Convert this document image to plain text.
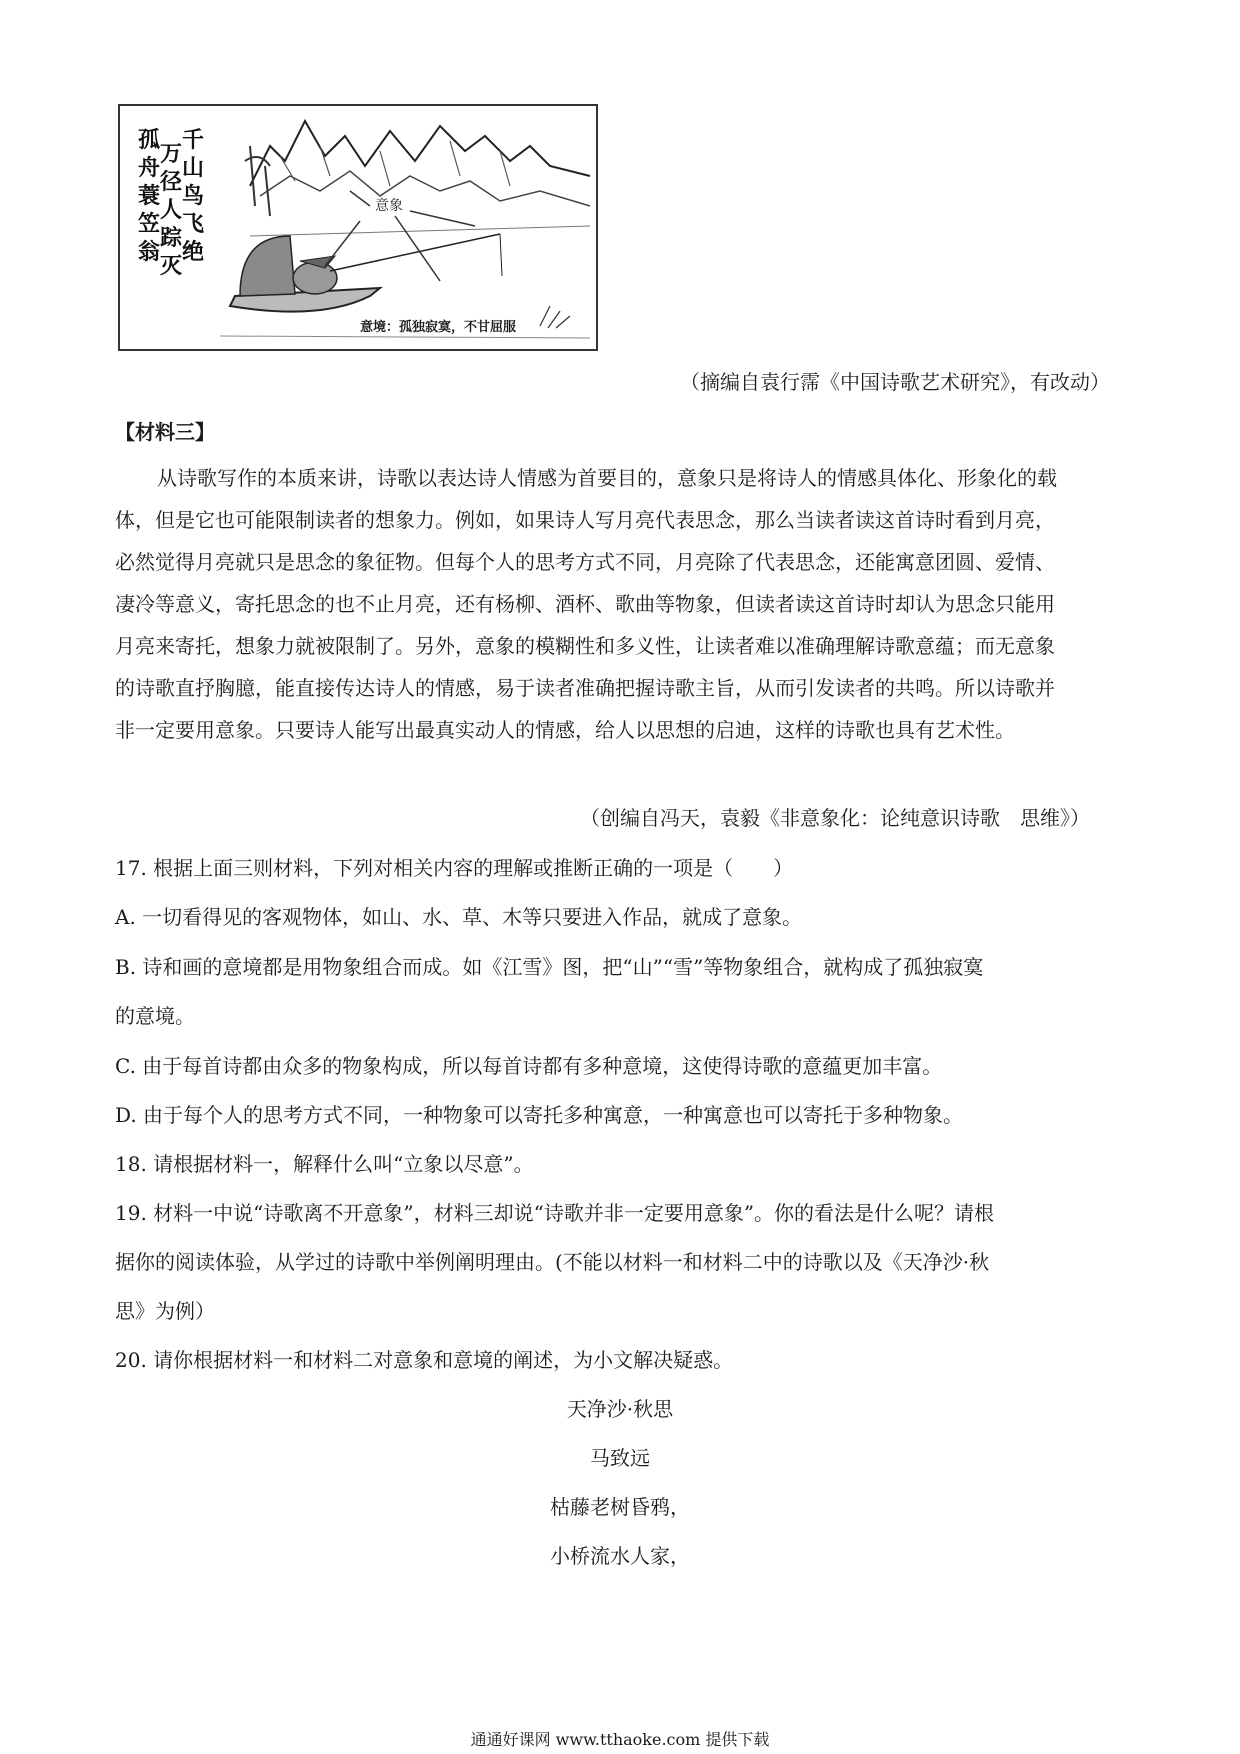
千
山
鸟
飞
绝
万
径
人
踪
灭
孤
舟
蓑
笠
翁
意象
意境：孤独寂寞，不甘屈服
（摘编自袁行霈《中国诗歌艺术研究》，有改动）
【材料三】
从诗歌写作的本质来讲，诗歌以表达诗人情感为首要目的，意象只是将诗人的情感具体化、形象化的载
体，但是它也可能限制读者的想象力。例如，如果诗人写月亮代表思念，那么当读者读这首诗时看到月亮，
必然觉得月亮就只是思念的象征物。但每个人的思考方式不同，月亮除了代表思念，还能寓意团圆、爱情、
凄冷等意义，寄托思念的也不止月亮，还有杨柳、酒杯、歌曲等物象，但读者读这首诗时却认为思念只能用
月亮来寄托，想象力就被限制了。另外，意象的模糊性和多义性，让读者难以准确理解诗歌意蕴；而无意象
的诗歌直抒胸臆，能直接传达诗人的情感，易于读者准确把握诗歌主旨，从而引发读者的共鸣。所以诗歌并
非一定要用意象。只要诗人能写出最真实动人的情感，给人以思想的启迪，这样的诗歌也具有艺术性。
（创编自冯天，袁毅《非意象化：论纯意识诗歌　思维》）
17. 根据上面三则材料，下列对相关内容的理解或推断正确的一项是（　　）
A. 一切看得见的客观物体，如山、水、草、木等只要进入作品，就成了意象。
B. 诗和画的意境都是用物象组合而成。如《江雪》图，把“山”“雪”等物象组合，就构成了孤独寂寞
的意境。
C. 由于每首诗都由众多的物象构成，所以每首诗都有多种意境，这使得诗歌的意蕴更加丰富。
D. 由于每个人的思考方式不同，一种物象可以寄托多种寓意，一种寓意也可以寄托于多种物象。
18. 请根据材料一，解释什么叫“立象以尽意”。
19. 材料一中说“诗歌离不开意象”，材料三却说“诗歌并非一定要用意象”。你的看法是什么呢？请根
据你的阅读体验，从学过的诗歌中举例阐明理由。(不能以材料一和材料二中的诗歌以及《天净沙·秋
思》为例）
20. 请你根据材料一和材料二对意象和意境的阐述，为小文解决疑惑。
天净沙·秋思
马致远
枯藤老树昏鸦，
小桥流水人家，
通通好课网 www.tthaoke.com 提供下载
